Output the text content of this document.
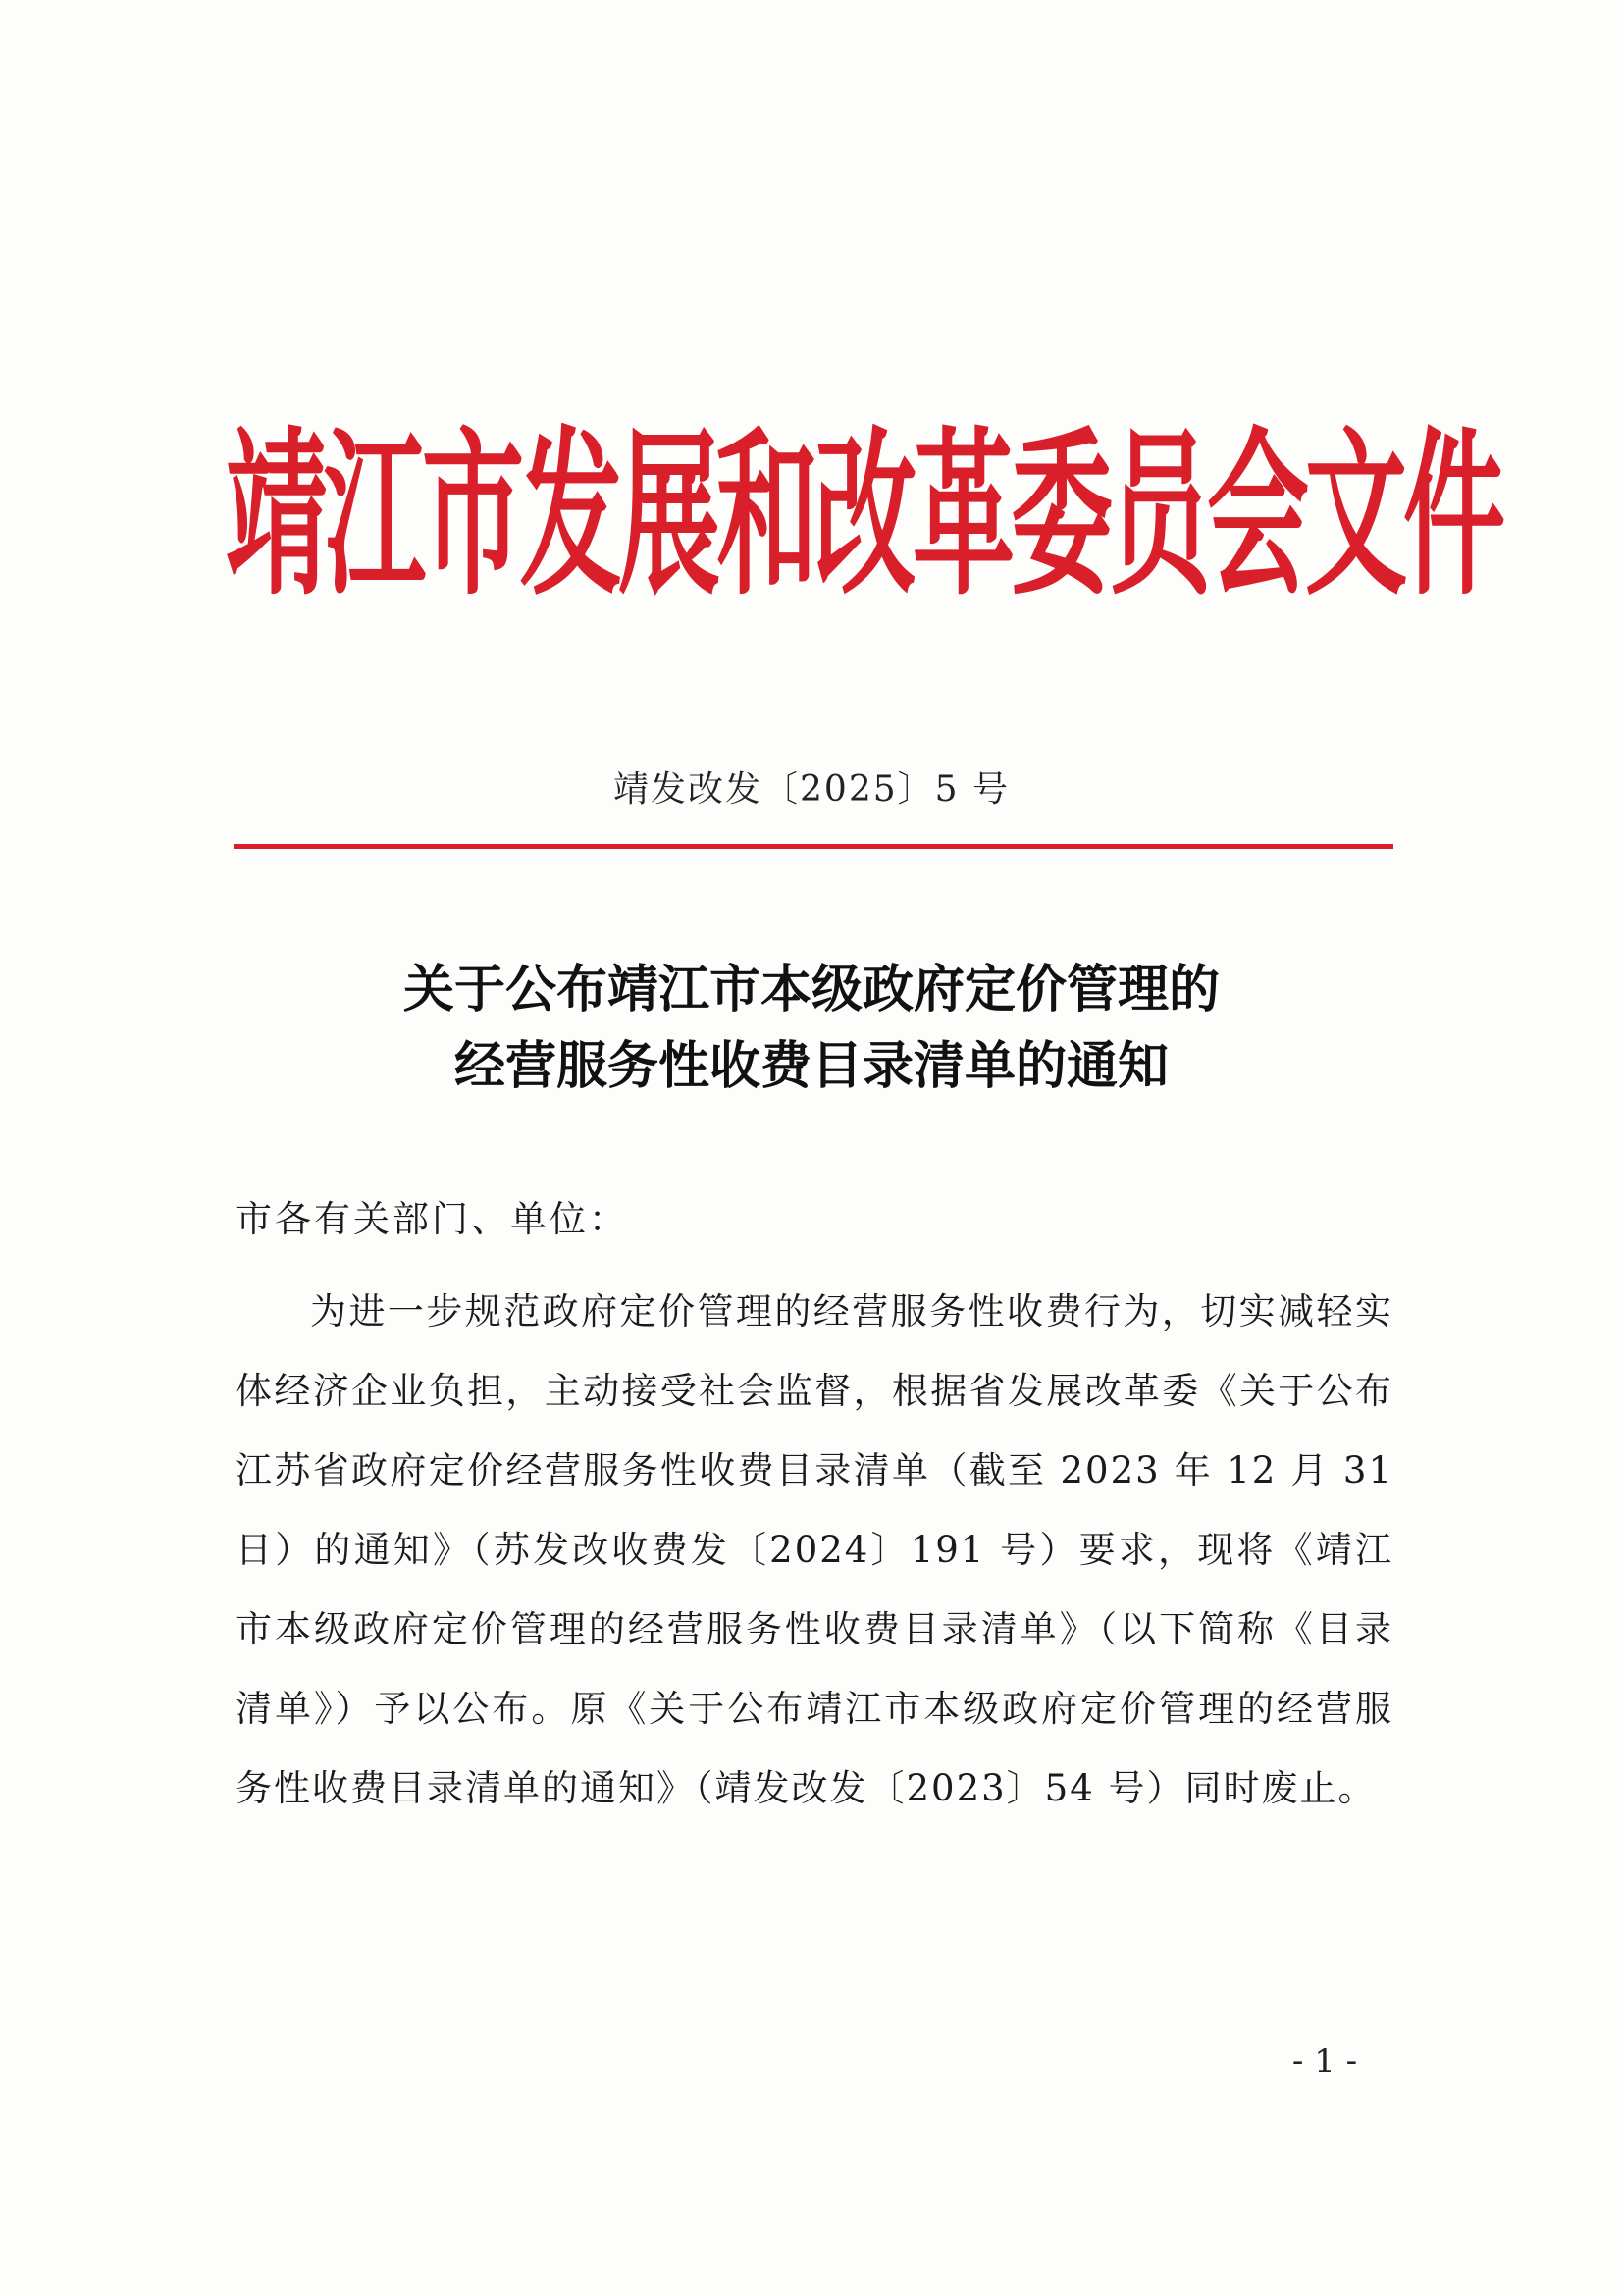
靖江市发展和改革委员会文件
靖发改发〔2025〕5 号
关于公布靖江市本级政府定价管理的
经营服务性收费目录清单的通知
市各有关部门、单位：

为进一步规范政府定价管理的经营服务性收费行为，切实减轻实体经济企业负担，主动接受社会监督，根据省发展改革委《关于公布江苏省政府定价经营服务性收费目录清单（截至 2023 年 12 月 31 日）的通知》（苏发改收费发〔2024〕191 号）要求，现将《靖江市本级政府定价管理的经营服务性收费目录清单》（以下简称《目录清单》）予以公布。原《关于公布靖江市本级政府定价管理的经营服务性收费目录清单的通知》（靖发改发〔2023〕54 号）同时废止。

- 1 -
